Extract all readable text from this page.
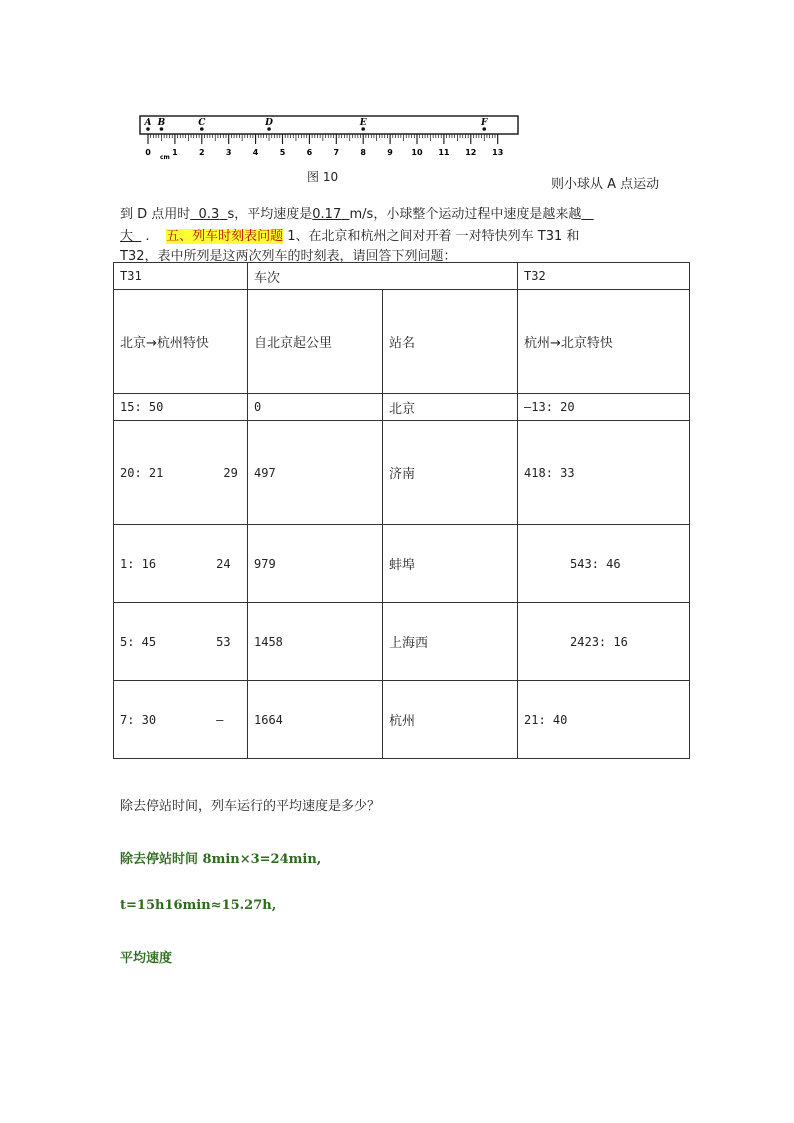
0	1	2	3	4	5	6	7	8	9 10 11 12 13
cm
A B	C	D	E	F
图 10	则小球从 A 点运动
到 D 点用时 0.3 s，平均速度是0.17 m/s，小球整个运动过程中速度是越来越
大 . 五、列车时刻表问题 1、在北京和杭州之间对开着 一对特快列车 T31 和
T32，表中所列是这两次列车的时刻表，请回答下列问题：
T31	车次		T32
北京→杭州特快	自北京起公里	站名	杭州→北京特快
15: 50	0	北京	—13: 20
20: 21 29	497	济南	418: 33
1: 16 24	979	蚌埠	543: 46
5: 45 53	1458	上海西	2423: 16
7: 30 —	1664	杭州	21: 40
除去停站时间，列车运行的平均速度是多少？
除去停站时间 8min×3=24min,
t=15h16min≈15.27h,
平均速度
